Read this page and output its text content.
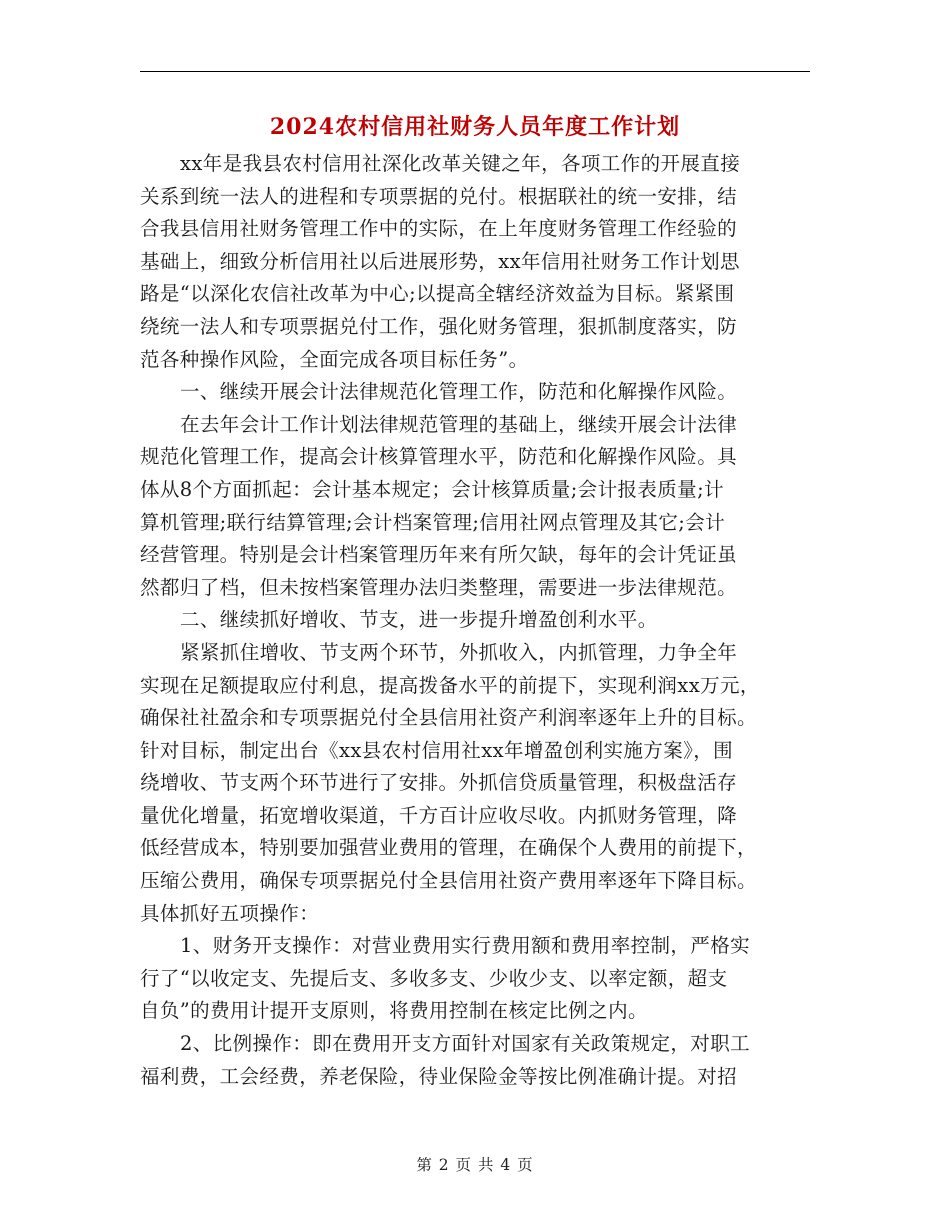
2024农村信用社财务人员年度工作计划
xx年是我县农村信用社深化改革关键之年，各项工作的开展直接
关系到统一法人的进程和专项票据的兑付。根据联社的统一安排，结
合我县信用社财务管理工作中的实际，在上年度财务管理工作经验的
基础上，细致分析信用社以后进展形势，xx年信用社财务工作计划思
路是“以深化农信社改革为中心;以提高全辖经济效益为目标。紧紧围
绕统一法人和专项票据兑付工作，强化财务管理，狠抓制度落实，防
范各种操作风险，全面完成各项目标任务”。
一、继续开展会计法律规范化管理工作，防范和化解操作风险。
在去年会计工作计划法律规范管理的基础上，继续开展会计法律
规范化管理工作，提高会计核算管理水平，防范和化解操作风险。具
体从8个方面抓起：会计基本规定；会计核算质量;会计报表质量;计
算机管理;联行结算管理;会计档案管理;信用社网点管理及其它;会计
经营管理。特别是会计档案管理历年来有所欠缺，每年的会计凭证虽
然都归了档，但未按档案管理办法归类整理，需要进一步法律规范。
二、继续抓好增收、节支，进一步提升增盈创利水平。
紧紧抓住增收、节支两个环节，外抓收入，内抓管理，力争全年
实现在足额提取应付利息，提高拨备水平的前提下，实现利润xx万元，
确保社社盈余和专项票据兑付全县信用社资产利润率逐年上升的目标。
针对目标，制定出台《xx县农村信用社xx年增盈创利实施方案》，围
绕增收、节支两个环节进行了安排。外抓信贷质量管理，积极盘活存
量优化增量，拓宽增收渠道，千方百计应收尽收。内抓财务管理，降
低经营成本，特别要加强营业费用的管理，在确保个人费用的前提下，
压缩公费用，确保专项票据兑付全县信用社资产费用率逐年下降目标。
具体抓好五项操作：
1、财务开支操作：对营业费用实行费用额和费用率控制，严格实
行了“以收定支、先提后支、多收多支、少收少支、以率定额，超支
自负”的费用计提开支原则，将费用控制在核定比例之内。
2、比例操作：即在费用开支方面针对国家有关政策规定，对职工
福利费，工会经费，养老保险，待业保险金等按比例准确计提。对招
第 2 页 共 4 页
